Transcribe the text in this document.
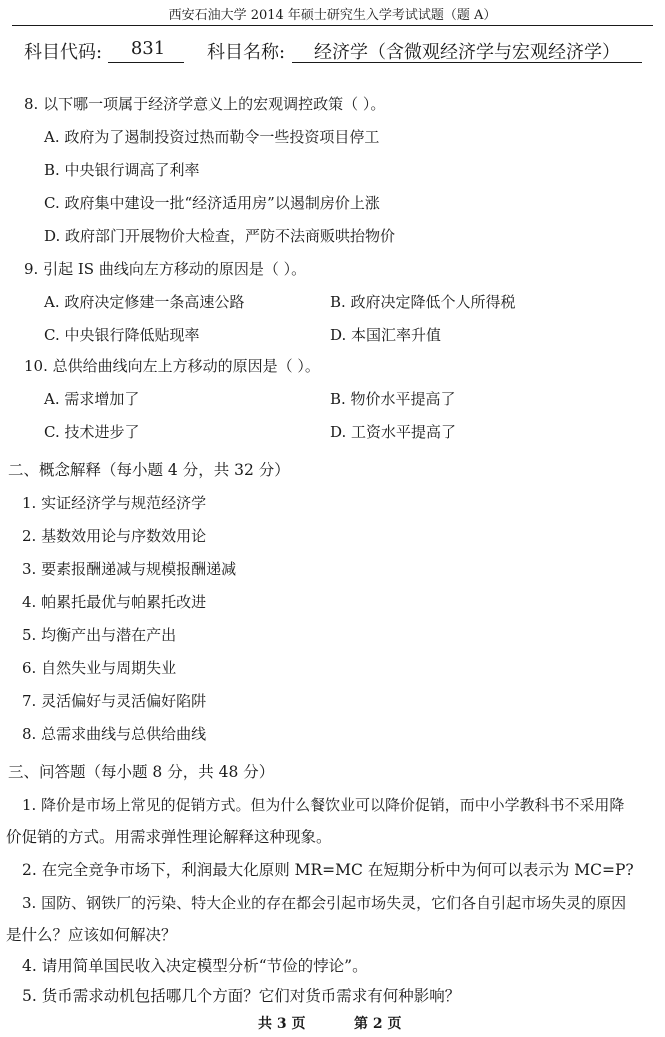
西安石油大学 2014 年硕士研究生入学考试试题（题 A）
科目代码:	831	科目名称: 经济学（含微观经济学与宏观经济学）
8. 以下哪一项属于经济学意义上的宏观调控政策（ ）。
A. 政府为了遏制投资过热而勒令一些投资项目停工
B. 中央银行调高了利率
C. 政府集中建设一批“经济适用房”以遏制房价上涨
D. 政府部门开展物价大检查，严防不法商贩哄抬物价
9. 引起 IS 曲线向左方移动的原因是（ ）。
A. 政府决定修建一条高速公路	B. 政府决定降低个人所得税
C. 中央银行降低贴现率	D. 本国汇率升值
10. 总供给曲线向左上方移动的原因是（ ）。
A. 需求增加了	B. 物价水平提高了
C. 技术进步了	D. 工资水平提高了
二、概念解释（每小题 4 分，共 32 分）
1. 实证经济学与规范经济学
2. 基数效用论与序数效用论
3. 要素报酬递减与规模报酬递减
4. 帕累托最优与帕累托改进
5. 均衡产出与潜在产出
6. 自然失业与周期失业
7. 灵活偏好与灵活偏好陷阱
8. 总需求曲线与总供给曲线
三、问答题（每小题 8 分，共 48 分）
1. 降价是市场上常见的促销方式。但为什么餐饮业可以降价促销，而中小学教科书不采用降
价促销的方式。用需求弹性理论解释这种现象。
2. 在完全竞争市场下，利润最大化原则 MR=MC 在短期分析中为何可以表示为 MC=P?
3. 国防、钢铁厂的污染、特大企业的存在都会引起市场失灵，它们各自引起市场失灵的原因
是什么？应该如何解决？
4. 请用简单国民收入决定模型分析“节俭的悖论”。
5. 货币需求动机包括哪几个方面？它们对货币需求有何种影响？
共 3 页	第 2 页
